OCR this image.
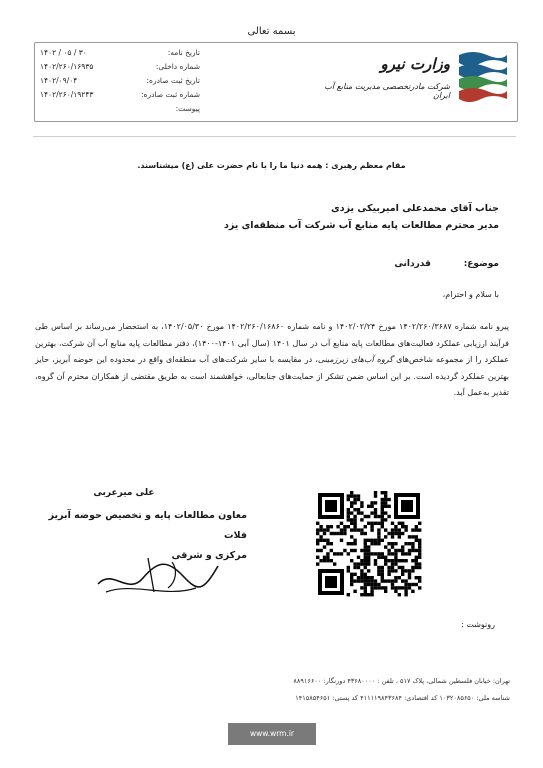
بسمه تعالی
تاریخ نامه:
۱۴۰۲ / ۰۵ / ۳۰
شماره داخلی:
۱۴۰۲/۲۶۰/۱۶۹۳۵
تاریخ ثبت صادره:
۱۴۰۲/۰۹/۰۴
شماره ثبت صادره:
۱۴۰۲/۲۶۰/۱۹۲۴۳
پیوست:
وزارت نیرو
شرکت مادرتخصصی مدیریت منابع آب ایران
مقام معظم رهبری : همه دنیا ما را با نام حضرت علی (ع) میشناسند.
جناب آقای محمدعلی امیربیکی یزدی
مدیر محترم مطالعات پایه منابع آب شرکت آب منطقه‌ای یزد
موضوع: قدردانی
با سلام و احترام،
پیرو نامه شماره ۱۴۰۲/۲۶۰/۳۶۸۷ مورخ ۱۴۰۲/۰۲/۲۴ و نامه شماره ۱۴۰۲/۲۶۰/۱۶۸۶۰ مورخ ۱۴۰۲/۰۵/۳۰، به استحضار می‌رساند بر اساس طی فرآیند ارزیابی عملکرد فعالیت‌های مطالعات پایه منابع آب در سال ۱۴۰۱ (سال آبی ۱۴۰۱-۱۴۰۰)، دفتر مطالعات پایه منابع آب آن شرکت، بهترین عملکرد را از مجموعه شاخص‌های گروه آب‌های زیرزمینی، در مقایسه با سایر شرکت‌های آب منطقه‌ای واقع در محدوده این حوضه آبریز، حایز بهترین عملکرد گردیده است. بر این اساس ضمن تشکر از حمایت‌های جنابعالی، خواهشمند است به طریق مقتضی از همکاران محترم آن گروه، تقدیر به‌عمل آید.
علی میرعربی
معاون مطالعات پایه و تخصیص حوضه آبریز فلات
مرکزی و شرقی
رونوشت :
تهران: خیابان فلسطین شمالی، پلاک ۵۱۷ ، تلفن : ۴۳۶۸۰۰۰۰ دورنگار: ۸۸۹۱۶۶۰۰
شناسه ملی: ۱۰۳۲۰۸۵۶۵۰ کد اقتصادی: ۴۱۱۱۱۹۸۴۳۶۸۴ کد پستی: ۱۴۱۵۸۵۴۶۵۱
www.wrm.ir
